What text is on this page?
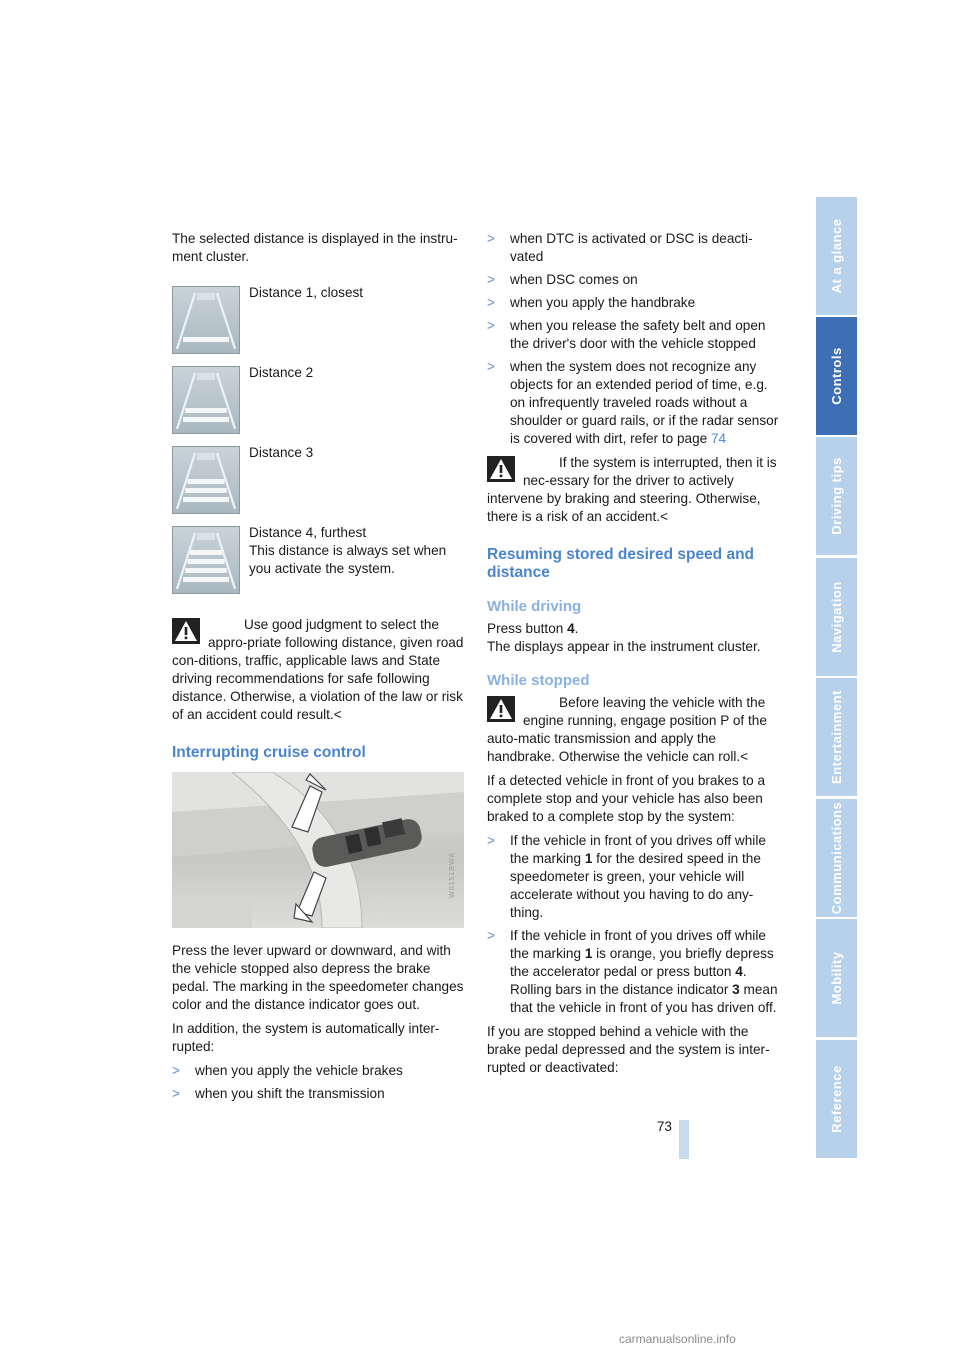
The selected distance is displayed in the instru-ment cluster.

Distance 1, closest
Distance 2
Distance 3
Distance 4, furthest
This distance is always set when you activate the system.

Use good judgment to select the appro-priate following distance, given road con-ditions, traffic, applicable laws and State driving recommendations for safe following distance. Otherwise, a violation of the law or risk of an accident could result.<

Interrupting cruise control
W0151BWA

Press the lever upward or downward, and with the vehicle stopped also depress the brake pedal. The marking in the speedometer changes color and the distance indicator goes out.

In addition, the system is automatically inter-rupted:

> when you apply the vehicle brakes
> when you shift the transmission
> when DTC is activated or DSC is deacti-vated
> when DSC comes on
> when you apply the handbrake
> when you release the safety belt and open the driver's door with the vehicle stopped
> when the system does not recognize any objects for an extended period of time, e.g. on infrequently traveled roads without a shoulder or guard rails, or if the radar sensor is covered with dirt, refer to page 74

If the system is interrupted, then it is nec-essary for the driver to actively intervene by braking and steering. Otherwise, there is a risk of an accident.<

Resuming stored desired speed and distance
While driving

Press button 4.

The displays appear in the instrument cluster.

While stopped

Before leaving the vehicle with the engine running, engage position P of the auto-matic transmission and apply the handbrake. Otherwise the vehicle can roll.<

If a detected vehicle in front of you brakes to a complete stop and your vehicle has also been braked to a complete stop by the system:

> If the vehicle in front of you drives off while the marking 1 for the desired speed in the speedometer is green, your vehicle will accelerate without you having to do any-thing.
> If the vehicle in front of you drives off while the marking 1 is orange, you briefly depress the accelerator pedal or press button 4. Rolling bars in the distance indicator 3 mean that the vehicle in front of you has driven off.

If you are stopped behind a vehicle with the brake pedal depressed and the system is inter-rupted or deactivated:

At a glance
Controls
Driving tips
Navigation
Entertainment
Communications
Mobility
Reference
73
carmanualsonline.info
